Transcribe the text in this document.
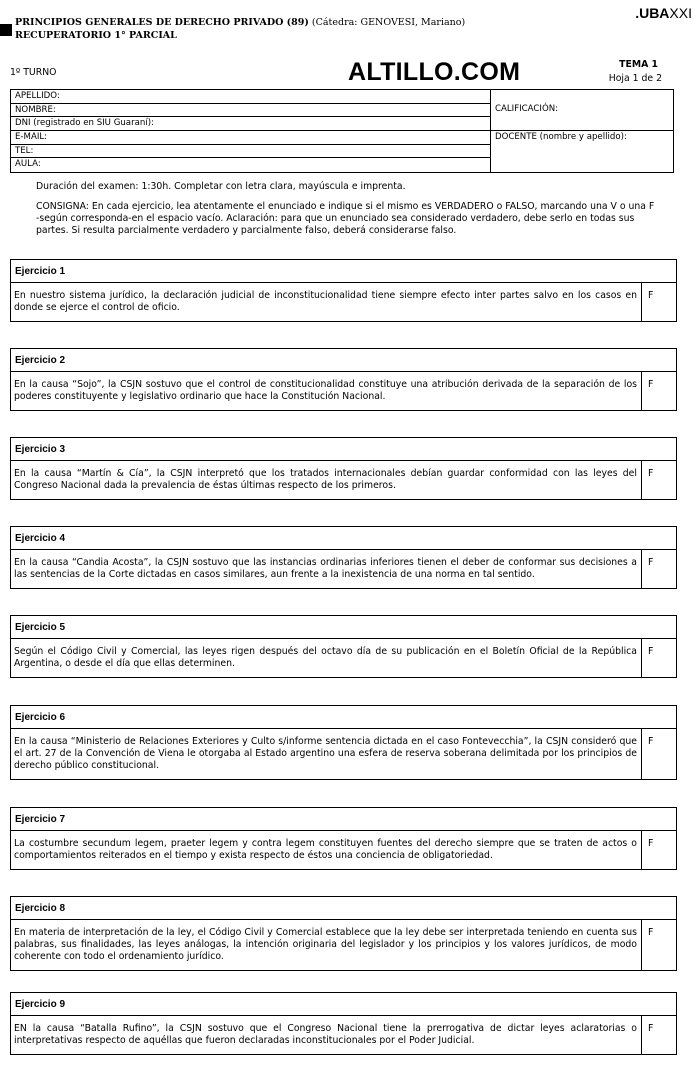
PRINCIPIOS GENERALES DE DERECHO PRIVADO (89) (Cátedra: GENOVESI, Mariano)
RECUPERATORIO 1° PARCIAL
.UBAXXI
1º TURNO	ALTILLO.COM	TEMA 1
Hoja 1 de 2
APELLIDO:
NOMBRE:
DNI (registrado en SIU Guaraní):
E-MAIL:
TEL:
AULA:
CALIFICACIÓN:
DOCENTE (nombre y apellido):

Duración del examen: 1:30h. Completar con letra clara, mayúscula e imprenta.

CONSIGNA: En cada ejercicio, lea atentamente el enunciado e indique si el mismo es VERDADERO o FALSO, marcando una V o una F -según corresponda-en el espacio vacío. Aclaración: para que un enunciado sea considerado verdadero, debe serlo en todas sus partes. Si resulta parcialmente verdadero y parcialmente falso, deberá considerarse falso.

Ejercicio 1
En nuestro sistema jurídico, la declaración judicial de inconstitucionalidad tiene siempre efecto inter partes salvo en los casos en donde se ejerce el control de oficio.
F
Ejercicio 2
En la causa “Sojo”, la CSJN sostuvo que el control de constitucionalidad constituye una atribución derivada de la separación de los poderes constituyente y legislativo ordinario que hace la Constitución Nacional.
F
Ejercicio 3
En la causa “Martín & Cía”, la CSJN interpretó que los tratados internacionales debían guardar conformidad con las leyes del Congreso Nacional dada la prevalencia de éstas últimas respecto de los primeros.
F
Ejercicio 4
En la causa “Candia Acosta”, la CSJN sostuvo que las instancias ordinarias inferiores tienen el deber de conformar sus decisiones a las sentencias de la Corte dictadas en casos similares, aun frente a la inexistencia de una norma en tal sentido.
F
Ejercicio 5
Según el Código Civil y Comercial, las leyes rigen después del octavo día de su publicación en el Boletín Oficial de la República Argentina, o desde el día que ellas determinen.
F
Ejercicio 6
En la causa “Ministerio de Relaciones Exteriores y Culto s/informe sentencia dictada en el caso Fontevecchia”, la CSJN consideró que el art. 27 de la Convención de Viena le otorgaba al Estado argentino una esfera de reserva soberana delimitada por los principios de derecho público constitucional.
F
Ejercicio 7
La costumbre secundum legem, praeter legem y contra legem constituyen fuentes del derecho siempre que se traten de actos o comportamientos reiterados en el tiempo y exista respecto de éstos una conciencia de obligatoriedad.
F
Ejercicio 8
En materia de interpretación de la ley, el Código Civil y Comercial establece que la ley debe ser interpretada teniendo en cuenta sus palabras, sus finalidades, las leyes análogas, la intención originaria del legislador y los principios y los valores jurídicos, de modo coherente con todo el ordenamiento jurídico.
F
Ejercicio 9
EN la causa “Batalla Rufino”, la CSJN sostuvo que el Congreso Nacional tiene la prerrogativa de dictar leyes aclaratorias o interpretativas respecto de aquéllas que fueron declaradas inconstitucionales por el Poder Judicial.
F
